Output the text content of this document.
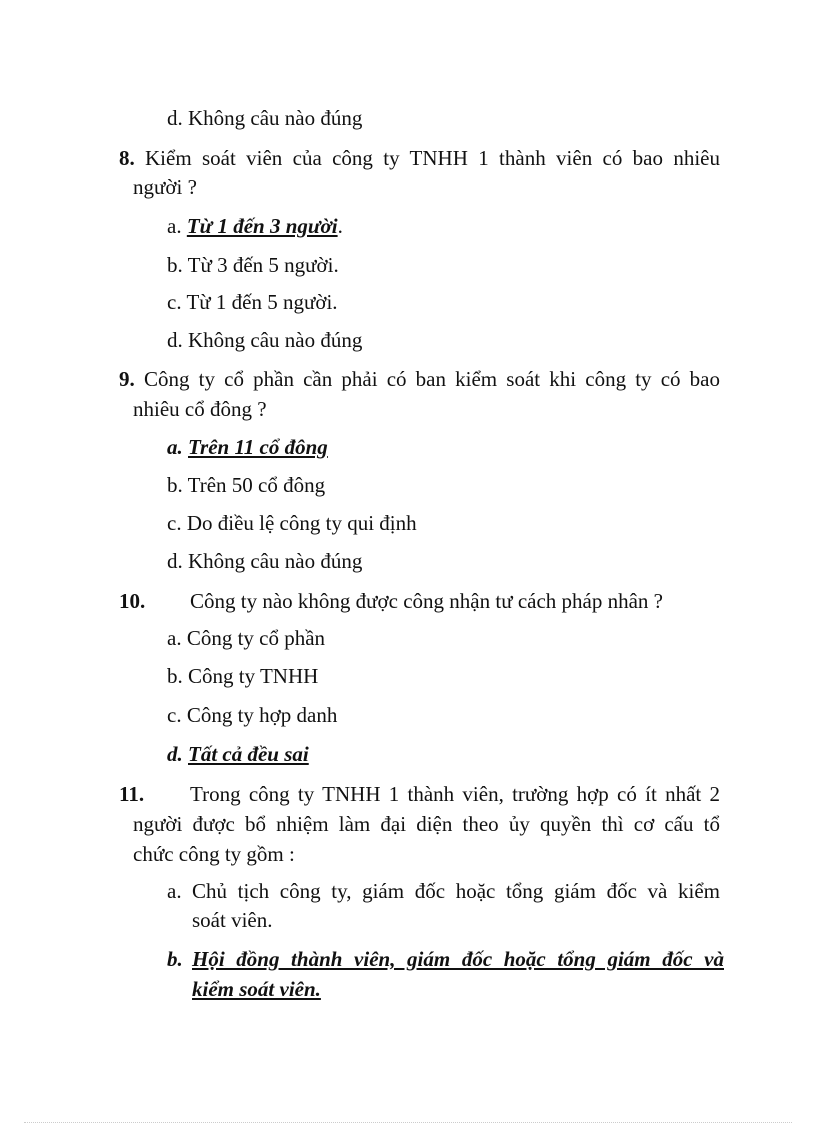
d. Không câu nào đúng
8. Kiểm soát viên của công ty TNHH 1 thành viên có bao nhiêu
người ?
a. Từ 1 đến 3 người.
b. Từ 3 đến 5 người.
c. Từ 1 đến 5 người.
d. Không câu nào đúng
9. Công ty cổ phần cần phải có ban kiểm soát khi công ty có bao
nhiêu cổ đông ?
a. Trên 11 cổ đông
b. Trên 50 cổ đông
c. Do điều lệ công ty qui định
d. Không câu nào đúng
10. Công ty nào không được công nhận tư cách pháp nhân ?
a. Công ty cổ phần
b. Công ty TNHH
c. Công ty hợp danh
d. Tất cả đều sai
11. Trong công ty TNHH 1 thành viên, trường hợp có ít nhất 2
người được bổ nhiệm làm đại diện theo ủy quyền thì cơ cấu tổ
chức công ty gồm :
a. Chủ tịch công ty, giám đốc hoặc tổng giám đốc và kiểm
soát viên.
b. Hội đồng thành viên, giám đốc hoặc tổng giám đốc và
kiểm soát viên.
